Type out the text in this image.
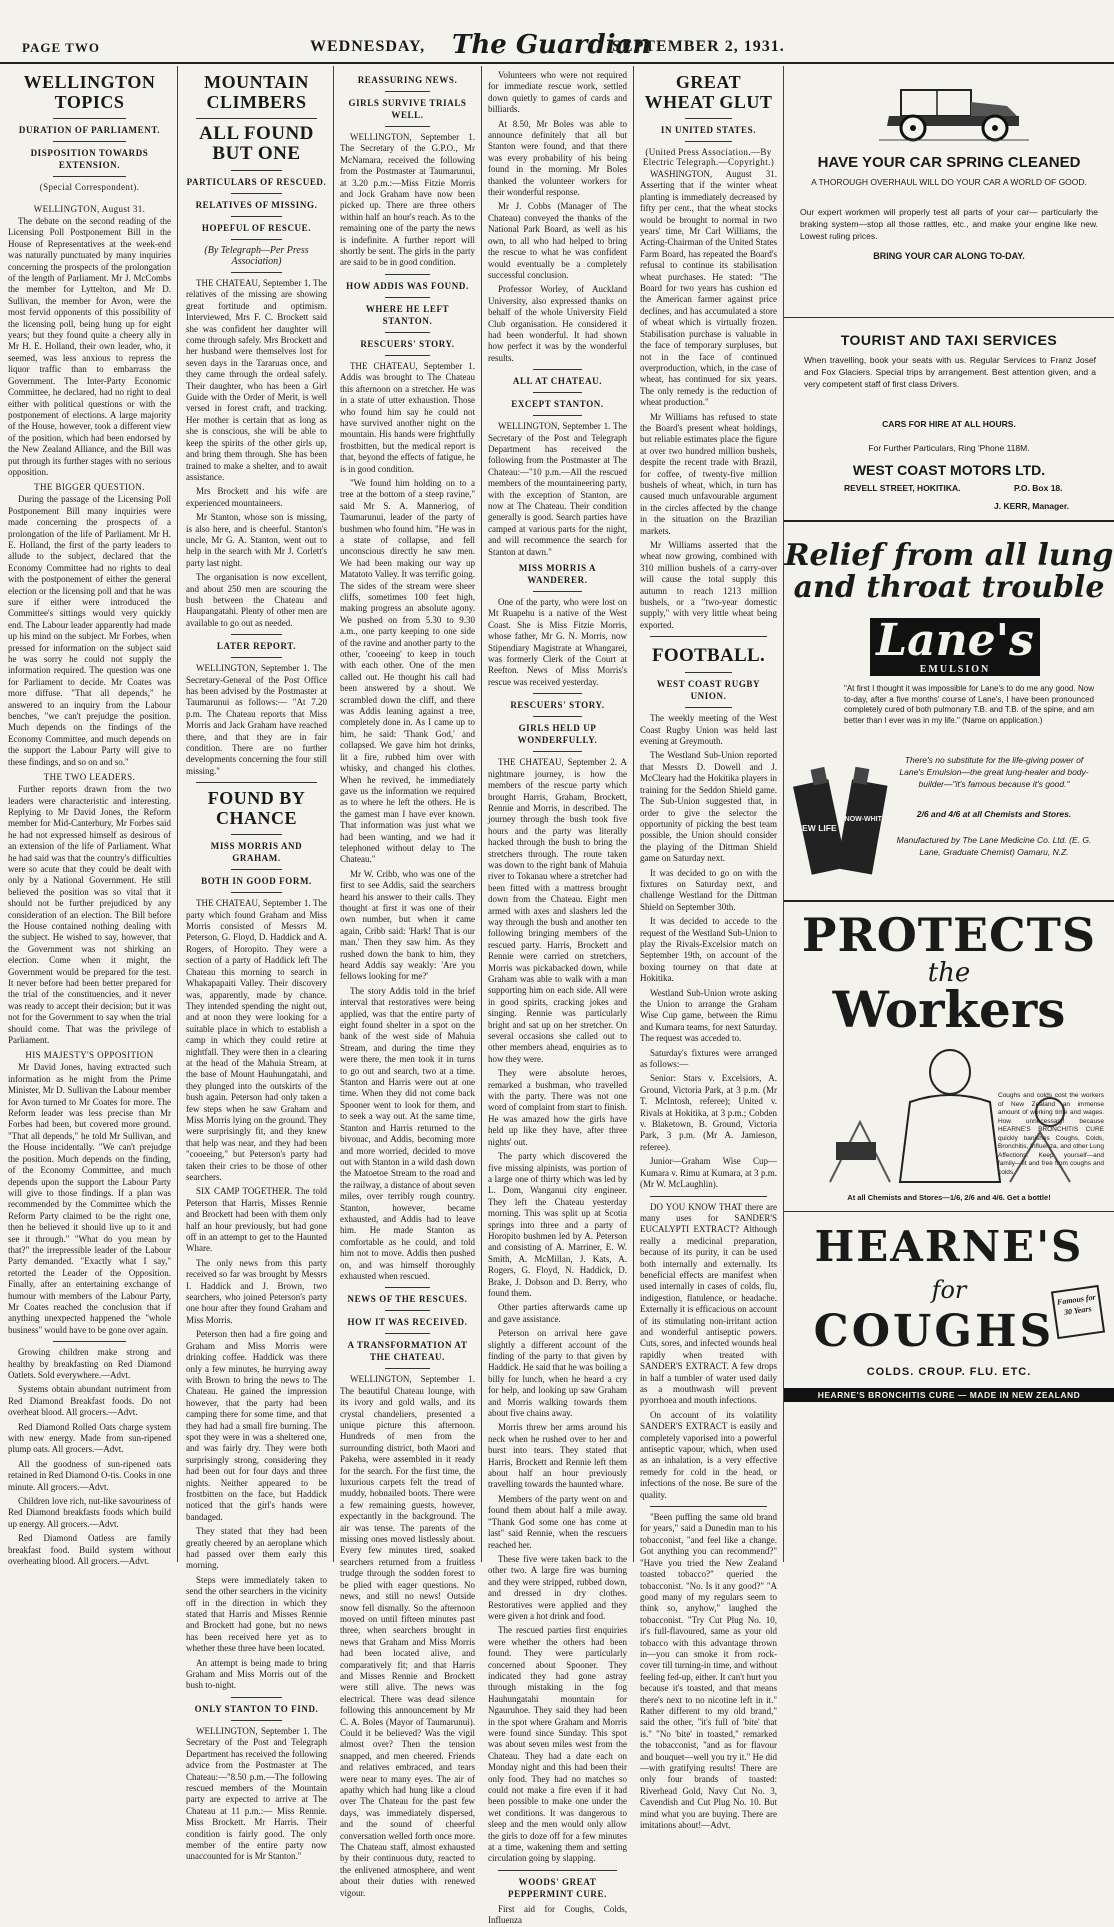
PAGE TWO	WEDNESDAY, The Guardian
SEPTEMBER 2, 1931.
WELLINGTON TOPICS
DURATION OF PARLIAMENT.
DISPOSITION TOWARDS EXTENSION.
(Special Correspondent).
WELLINGTON, August 31.

The debate on the second reading of the Licensing Poll Postponement Bill in the House of Representatives at the week-end was naturally punctuated by many inquiries concerning the prospects of the prolongation of the length of Parliament. Mr J. McCombs the member for Lyttelton, and Mr D. Sullivan, the member for Avon, were the most fervid opponents of this possibility of the licensing poll, being hung up for eight years; but they found quite a cheery ally in Mr H. E. Holland, their own leader, who, it seemed, was less anxious to repress the liquor traffic than to embarrass the Government. The Inter-Party Economic Committee, he declared, had no right to deal either with political questions or with the postponement of elections. A large majority of the House, however, took a different view of the position, which had been endorsed by the New Zealand Alliance, and the Bill was put through its further stages with no serious opposition.

THE BIGGER QUESTION.

During the passage of the Licensing Poll Postponement Bill many inquiries were made concerning the prospects of a prolongation of the life of Parliament. Mr H. E. Holland, the first of the party leaders to allude to the subject, declared that the Economy Committee had no rights to deal with the postponement of either the general election or the licensing poll and that he was sure if either were introduced the Committee's sittings would very quickly end. The Labour leader apparently had made up his mind on the subject. Mr Forbes, when pressed for information on the subject said he was sorry he could not supply the information required. The question was one for Parliament to decide. Mr Coates was more diffuse. "That all depends," he answered to an inquiry from the Labour benches, "we can't prejudge the position. Much depends on the findings of the Economy Committee, and much depends on the support the Labour Party will give to these findings, and so on and so."

THE TWO LEADERS.

Further reports drawn from the two leaders were characteristic and interesting. Replying to Mr David Jones, the Reform member for Mid-Canterbury, Mr Forbes said he had not expressed himself as desirous of an extension of the life of Parliament. What he had said was that the country's difficulties were so acute that they could be dealt with only by a National Government. He still believed the position was so vital that it should not be further prejudiced by any consideration of an election. The Bill before the House contained nothing dealing with the subject. He wished to say, however, that the Government was not shirking an election. Come when it might, the Government would be prepared for the test. It never before had been better prepared for the trial of the constituencies, and it never was ready to accept their decision; but it was not for the Government to say when the trial should come. That was the privilege of Parliament.

HIS MAJESTY'S OPPOSITION

Mr David Jones, having extracted such information as he might from the Prime Minister, Mr D. Sullivan the Labour member for Avon turned to Mr Coates for more. The Reform leader was less precise than Mr Forbes had been, but covered more ground. "That all depends," he told Mr Sullivan, and the House incidentally. "We can't prejudge the position. Much depends on the finding, of the Economy Committee, and much depends upon the support the Labour Party will give to those findings. If a plan was recommended by the Committee which the Reform Party claimed to be the right one, then he believed it should live up to it and see it through." "What do you mean by that?" the irrepressible leader of the Labour Party demanded. "Exactly what I say," retorted the Leader of the Opposition. Finally, after an entertaining exchange of humour with members of the Labour Party, Mr Coates reached the conclusion that if anything unexpected happened the "whole business" would have to be gone over again.

Growing children make strong and healthy by breakfasting on Red Diamond Oatlets. Sold everywhere.—Advt.

Systems obtain abundant nutriment from Red Diamond Breakfast foods. Do not overheat blood. All grocers.—Advt.

Red Diamond Rolled Oats charge system with new energy. Made from sun-ripened plump oats. All grocers.—Advt.

All the goodness of sun-ripened oats retained in Red Diamond O-tis. Cooks in one minute. All grocers.—Advt.

Children love rich, nut-like savouriness of Red Diamond breakfasts foods which build up energy. All grocers.—Advt.

Red Diamond Oatless are family breakfast food. Build system without overheating blood. All grocers.—Advt.

MOUNTAIN CLIMBERS
ALL FOUND BUT ONE
PARTICULARS OF RESCUED.
RELATIVES OF MISSING.
HOPEFUL OF RESCUE.
(By Telegraph—Per Press Association)

THE CHATEAU, September 1. The relatives of the missing are showing great fortitude and optimism. Interviewed, Mrs F. C. Brockett said she was confident her daughter will come through safely. Mrs Brockett and her husband were themselves lost for seven days in the Tararuas once, and they came through the ordeal safely. Their daughter, who has been a Girl Guide with the Order of Merit, is well versed in forest craft, and tracking. Her mother is certain that as long as she is conscious, she will be able to keep the spirits of the other girls up, and bring them through. She has been trained to make a shelter, and to await assistance.

Mrs Brockett and his wife are experienced mountaineers.

Mr Stanton, whose son is missing, is also here, and is cheerful. Stanton's uncle, Mr G. A. Stanton, went out to help in the search with Mr J. Corlett's party last night.

The organisation is now excellent, and about 250 men are scouring the bush between the Chateau and Haupangatahi. Plenty of other men are available to go out as needed.

LATER REPORT.

WELLINGTON, September 1. The Secretary-General of the Post Office has been advised by the Postmaster at Taumarunui as follows:— "At 7.20 p.m. The Chateau reports that Miss Morris and Jack Graham have reached there, and that they are in fair condition. There are no further developments concerning the four still missing."

FOUND BY CHANCE
MISS MORRIS AND GRAHAM.
BOTH IN GOOD FORM.

THE CHATEAU, September 1. The party which found Graham and Miss Morris consisted of Messrs M. Peterson, G. Floyd, D. Haddick and A. Rogers, of Horopito. They were a section of a party of Haddick left The Chateau this morning to search in Whakapapaiti Valley. Their discovery was, apparently, made by chance. They intended spending the night out, and at noon they were looking for a suitable place in which to establish a camp in which they could retire at nightfall. They were then in a clearing at the head of the Mahuia Stream, at the base of Mount Hauhungatahi, and they plunged into the outskirts of the bush again. Peterson had only taken a few steps when he saw Graham and Miss Morris lying on the ground. They were surprisingly fit, and they knew that help was near, and they had been "cooeeing," but Peterson's party had taken their cries to be those of other searchers.

SIX CAMP TOGETHER. The told Peterson that Harris, Misses Rennie and Brockett had been with them only half an hour previously, but had gone off in an attempt to get to the Haunted Whare.

The only news from this party received so far was brought by Messrs I. Haddick and J. Brown, two searchers, who joined Peterson's party one hour after they found Graham and Miss Morris.

Peterson then had a fire going and Graham and Miss Morris were drinking coffee. Haddick was there only a few minutes, he hurrying away with Brown to bring the news to The Chateau. He gained the impression however, that the party had been camping there for some time, and that they had had a small fire burning. The spot they were in was a sheltered one, and was fairly dry. They were both surprisingly strong, considering they had been out for four days and three nights. Neither appeared to be frostbitten on the face, but Haddick noticed that the girl's hands were bandaged.

They stated that they had been greatly cheered by an aeroplane which had passed over them early this morning.

Steps were immediately taken to send the other searchers in the vicinity off in the direction in which they stated that Harris and Misses Rennie and Brockett had gone, but no news has been received here yet as to whether these three have been located.

An attempt is being made to bring Graham and Miss Morris out of the bush to-night.

ONLY STANTON TO FIND.

WELLINGTON, September 1. The Secretary of the Post and Telegraph Department has received the following advice from the Postmaster at The Chateau:—"8.50 p.m.—The following rescued members of the Mountain party are expected to arrive at The Chateau at 11 p.m.:— Miss Rennie. Miss Brockett. Mr Harris. Their condition is fairly good. The only member of the entire party now unaccounted for is Mr Stanton."

REASSURING NEWS.
GIRLS SURVIVE TRIALS WELL.

WELLINGTON, September 1. The Secretary of the G.P.O., Mr McNamara, received the following from the Postmaster at Taumarunui, at 3.20 p.m.:—Miss Fitzie Morris and Jock Graham have now been picked up. There are three others within half an hour's reach. As to the remaining one of the party the news is indefinite. A further report will shortly be sent. The girls in the party are said to be in good condition.

HOW ADDIS WAS FOUND.
WHERE HE LEFT STANTON.
RESCUERS' STORY.

THE CHATEAU, September 1. Addis was brought to The Chateau this afternoon on a stretcher. He was in a state of utter exhaustion. Those who found him say he could not have survived another night on the mountain. His hands were frightfully frostbitten, but the medical report is that, beyond the effects of fatigue, he is in good condition.

"We found him holding on to a tree at the bottom of a steep ravine," said Mr S. A. Manneriog, of Taumarunui, leader of the party of bushmen who found him. "He was in a state of collapse, and fell unconscious directly he saw men. We had been making our way up Matatoto Valley. It was terrific going. The sides of the stream were sheer cliffs, sometimes 100 feet high, making progress an absolute agony. We pushed on from 5.30 to 9.30 a.m., one party keeping to one side of the ravine and another party to the other, 'cooeeing' to keep in touch with each other. One of the men called out. He thought his call had been answered by a shout. We scrambled down the cliff, and there was Addis leaning against a tree, completely done in. As I came up to him, he said: 'Thank God,' and collapsed. We gave him hot drinks, lit a fire, rubbed him over with whisky, and changed his clothes. When he revived, he immediately gave us the information we required as to where he left the others. He is the gamest man I have ever known. That information was just what we had been wanting, and we had it telephoned without delay to The Chateau."

Mr W. Cribb, who was one of the first to see Addis, said the searchers heard his answer to their calls. They thought at first it was one of their own number, but when it came again, Cribb said: 'Hark! That is our man.' Then they saw him. As they rushed down the bank to him, they heard Addis say weakly: 'Are you fellows looking for me?'

The story Addis told in the brief interval that restoratives were being applied, was that the entire party of eight found shelter in a spot on the bank of the west side of Mahuia Stream, and during the time they were there, the men took it in turns to go out and search, two at a time. Stanton and Harris were out at one time. When they did not come back Spooner went to look for them, and to seek a way out. At the same time, Stanton and Harris returned to the bivouac, and Addis, becoming more and more worried, decided to move out with Stanton in a wild dash down the Matoetoe Stream to the road and the railway, a distance of about seven miles, over terribly rough country. Stanton, however, became exhausted, and Addis had to leave him. He made Stanton as comfortable as he could, and told him not to move. Addis then pushed on, and was himself thoroughly exhausted when rescued.

NEWS OF THE RESCUES.
HOW IT WAS RECEIVED.
A TRANSFORMATION AT THE CHATEAU.

WELLINGTON, September 1. The beautiful Chateau lounge, with its ivory and gold walls, and its crystal chandeliers, presented a unique picture this afternoon. Hundreds of men from the surrounding district, both Maori and Pakeha, were assembled in it ready for the search. For the first time, the luxurious carpets felt the tread of muddy, hobnailed boots. There were a few remaining guests, however, expectantly in the background. The air was tense. The parents of the missing ones moved listlessly about. Every few minutes tired, soaked searchers returned from a fruitless trudge through the sodden forest to be plied with eager questions. No news, and still no news! Outside snow fell dismally. So the afternoon moved on until fifteen minutes past three, when searchers brought in news that Graham and Miss Morris had been located alive, and comparatively fit; and that Harris and Misses Rennie and Brockett were still alive. The news was electrical. There was dead silence following this announcement by Mr C. A. Boles (Mayor of Taumarunui). Could it be believed? Was the vigil almost over? Then the tension snapped, and men cheered. Friends and relatives embraced, and tears were near to many eyes. The air of apathy which had hung like a cloud over The Chateau for the past few days, was immediately dispersed, and the sound of cheerful conversation welled forth once more. The Chateau staff, almost exhausted by their continuous duty, reacted to the enlivened atmosphere, and went about their duties with renewed vigour.

Volunteers who were not required for immediate rescue work, settled down quietly to games of cards and billiards.

At 8.50, Mr Boles was able to announce definitely that all but Stanton were found, and that there was every probability of his being found in the morning. Mr Boles thanked the volunteer workers for their wonderful response.

Mr J. Cobbs (Manager of The Chateau) conveyed the thanks of the National Park Board, as well as his own, to all who had helped to bring the rescue to what he was confident would eventually be a completely successful conclusion.

Professor Worley, of Auckland University, also expressed thanks on behalf of the whole University Field Club organisation. He considered it had been wonderful. It had shown how perfect it was by the wonderful results.

ALL AT CHATEAU.
EXCEPT STANTON.

WELLINGTON, September 1. The Secretary of the Post and Telegraph Department has received the following from the Postmaster at The Chateau:—"10 p.m.—All the rescued members of the mountaineering party, with the exception of Stanton, are now at The Chateau. Their condition generally is good. Search parties have camped at various parts for the night, and will recommence the search for Stanton at dawn."

MISS MORRIS A WANDERER.

One of the party, who were lost on Mt Ruapehu is a native of the West Coast. She is Miss Fitzie Morris, whose father, Mr G. N. Morris, now Stipendiary Magistrate at Whangarei, was formerly Clerk of the Court at Reefton. News of Miss Morris's rescue was received yesterday.

RESCUERS' STORY.
GIRLS HELD UP WONDERFULLY.

THE CHATEAU, September 2. A nightmare journey, is how the members of the rescue party which brought Harris, Graham, Brockett, Rennie and Morris, in described. The journey through the bush took five hours and the party was literally hacked through the bush to bring the stretchers through. The route taken was down to the right bank of Mahuia river to Tokanau where a stretcher had been fitted with a mattress brought down from the Chateau. Eight men armed with axes and slashers led the way through the bush and another ten following bringing members of the rescued party. Harris, Brockett and Rennie were carried on stretchers, Morris was pickabacked down, while Graham was able to walk with a man supporting him on each side. All were in good spirits, cracking jokes and singing. Rennie was particularly bright and sat up on her stretcher. On several occasions she called out to other members ahead, enquiries as to how they were.

They were absolute heroes, remarked a bushman, who travelled with the party. There was not one word of complaint from start to finish. He was amazed how the girls have held up like they have, after three nights' out.

The party which discovered the five missing alpinists, was portion of a large one of thirty which was led by L. Dom, Wanganui city engineer. They left the Chateau yesterday morning. This was split up at Scotia springs into three and a party of Horopito bushmen led by A. Peterson and consisting of A. Marriner, E. W. Smith, A. McMillan, J. Kats, A. Rogers, G. Floyd, N. Haddick, D. Brake, J. Dobson and D. Berry, who found them.

Other parties afterwards came up and gave assistance.

Peterson on arrival here gave slightly a different account of the finding of the party to that given by Haddick. He said that he was boiling a billy for lunch, when he heard a cry for help, and looking up saw Graham and Morris walking towards them about five chains away.

Morris threw her arms around his neck when he rushed over to her and burst into tears. They stated that Harris, Brockett and Rennie left them about half an hour previously travelling towards the haunted whare.

Members of the party went on and found them about half a mile away. "Thank God some one has come at last" said Rennie, when the rescuers reached her.

These five were taken back to the other two. A large fire was burning and they were stripped, rubbed down, and dressed in dry clothes. Restoratives were applied and they were given a hot drink and food.

The rescued parties first enquiries were whether the others had been found. They were particularly concerned about Spooner. They indicated they had gone astray through mistaking in the fog Hauhungatahi mountain for Ngauruhoe. They said they had been in the spot where Graham and Morris were found since Sunday. This spot was about seven miles west from the Chateau. They had a date each on Monday night and this had been their only food. They had no matches so could not make a fire even if it had been possible to make one under the wet conditions. It was dangerous to sleep and the men would only allow the girls to doze off for a few minutes at a time, wakening them and setting circulation going by slapping.

WOODS' GREAT PEPPERMINT CURE.

First aid for Coughs, Colds, Influenza

GREAT WHEAT GLUT
IN UNITED STATES.
(United Press Association.—By Electric Telegraph.—Copyright.)

WASHINGTON, August 31. Asserting that if the winter wheat planting is immediately decreased by fifty per cent., that the wheat stocks would be brought to normal in two years' time, Mr Carl Williams, the Acting-Chairman of the United States Farm Board, has repeated the Board's refusal to continue its stabilisation wheat purchases. He stated: "The Board for two years has cushion ed the American farmer against price declines, and has accumulated a store of wheat which is virtually frozen. Stabilisation purchase is valuable in the face of temporary surpluses, but not in the face of continued overproduction, which, in the case of wheat, has continued for six years. The only remedy is the reduction of wheat production."

Mr Williams has refused to state the Board's present wheat holdings, but reliable estimates place the figure at over two hundred million bushels, despite the recent trade with Brazil, for coffee, of twenty-five million bushels of wheat, which, in turn has caused much unfavourable argument in the circles affected by the change in the situation on the Brazilian markets.

Mr Williams asserted that the wheat now growing, combined with 310 million bushels of a carry-over will cause the total supply this autumn to reach 1213 million bushels, or a "two-year domestic supply," with very little wheat being exported.

FOOTBALL.
WEST COAST RUGBY UNION.

The weekly meeting of the West Coast Rugby Union was held last evening at Greymouth.

The Westland Sub-Union reported that Messrs D. Dowell and J. McCleary had the Hokitika players in training for the Seddon Shield game. The Sub-Union suggested that, in order to give the selector the opportunity of picking the best team possible, the Union should consider the playing of the Dittman Shield game on Saturday next.

It was decided to go on with the fixtures on Saturday next, and challenge Westland for the Dittman Shield on September 30th.

It was decided to accede to the request of the Westland Sub-Union to play the Rivals-Excelsior match on September 19th, on account of the boxing tourney on that date at Hokitika.

Westland Sub-Union wrote asking the Union to arrange the Graham Wise Cup game, between the Rimu and Kumara teams, for next Saturday. The request was acceded to.

Saturday's fixtures were arranged as follows:—

Senior: Stars v. Excelsiors, A. Ground, Victoria Park, at 3 p.m. (Mr T. McIntosh, referee); United v. Rivals at Hokitika, at 3 p.m.; Cobden v. Blaketown, B. Ground, Victoria Park, 3 p.m. (Mr A. Jamieson, referee).

Junior—Graham Wise Cup—Kumara v. Rimu at Kumara, at 3 p.m. (Mr W. McLaughlin).

DO YOU KNOW THAT there are many uses for SANDER'S EUCALYPTI EXTRACT? Although really a medicinal preparation, because of its purity, it can be used both internally and externally. Its beneficial effects are manifest when used internally in cases of colds, flu, indigestion, flatulence, or headache. Externally it is efficacious on account of its stimulating non-irritant action and wonderful antiseptic powers. Cuts, sores, and infected wounds heal rapidly when treated with SANDER'S EXTRACT. A few drops in half a tumbler of water used daily as a mouthwash will prevent pyorrhoea and mouth infections.

On account of its volatility SANDER'S EXTRACT is easily and completely vaporised into a powerful antiseptic vapour, which, when used as an inhalation, is a very effective remedy for cold in the head, or infections of the nose. Be sure of the quality.

"Been puffing the same old brand for years," said a Dunedin man to his tobacconist, "and feel like a change. Got anything you can recommend?" "Have you tried the New Zealand toasted tobacco?" queried the tobacconist. "No. Is it any good?" "A good many of my regulars seem to think so, anyhow," laughed the tobacconist. "Try Cut Plug No. 10, it's full-flavoured, same as your old tobacco with this advantage thrown in—you can smoke it from rock-cover till turning-in time, and without feeling fed-up, either. It can't hurt you because it's toasted, and that means there's next to no nicotine left in it." Rather different to my old brand," said the other, "it's full of 'bite' that is." "No 'bite' in toasted," remarked the tobacconist, "and as for flavour and bouquet—well you try it." He did—with gratifying results! There are only four brands of toasted: Riverhead Gold, Navy Cut No. 3, Cavendish and Cut Plug No. 10. But mind what you are buying. There are imitations about!—Advt.

HAVE YOUR CAR SPRING CLEANED
A THOROUGH OVERHAUL WILL DO YOUR CAR A WORLD OF GOOD.
Our expert workmen will properly test all parts of your car— particularly the braking system—stop all those rattles, etc., and make your engine like new. Lowest ruling prices.
BRING YOUR CAR ALONG TO-DAY.
TOURIST AND TAXI SERVICES
When travelling, book your seats with us. Regular Services to Franz Josef and Fox Glaciers. Special trips by arrangement. Best attention given, and a very competent staff of first class Drivers.
CARS FOR HIRE AT ALL HOURS.
For Further Particulars, Ring 'Phone 118M.
WEST COAST MOTORS LTD.
REVELL STREET, HOKITIKA.	P.O. Box 18.
J. KERR, Manager.
Relief from all lung
and throat trouble
Lane's
EMULSION
"At first I thought it was impossible for Lane's to do me any good. Now to-day, after a five months' course of Lane's, I have been pronounced completely cured of both pulmonary T.B. and T.B. of the spine, and am better than I ever was in my life." (Name on application.)
There's no substitute for the life-giving power of Lane's Emulsion—the great lung-healer and body-builder—"it's famous because it's good."
2/6 and 4/6 at all Chemists and Stores.
Manufactured by The Lane Medicine Co. Ltd. (E. G. Lane, Graduate Chemist) Oamaru, N.Z.
NEW LIFE
SNOW-WHITE
PROTECTS
the
Workers
Coughs and colds cost the workers of New Zealand an immense amount of working time and wages. How unnecessary! because HEARNE'S BRONCHITIS CURE quickly banishes Coughs, Colds, Bronchitis, Influenza, and other Lung Affections. Keep yourself—and family—fit and free from coughs and colds.
At all Chemists and Stores—1/6, 2/6 and 4/6. Get a bottle!
HEARNE'S
for
COUGHS
Famous for 30 Years
COLDS. CROUP. FLU. ETC.
HEARNE'S BRONCHITIS CURE — MADE IN NEW ZEALAND
